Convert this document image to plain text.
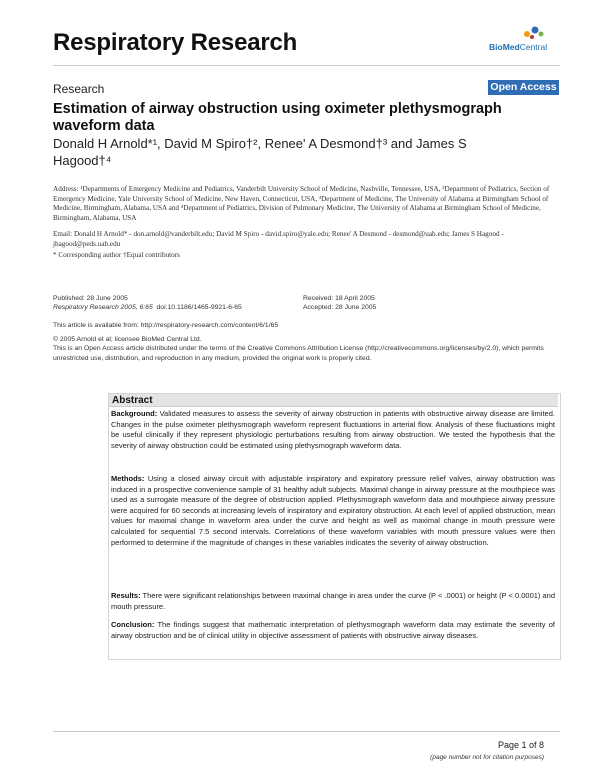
Respiratory Research	BioMedCentral
Research	Open Access
Estimation of airway obstruction using oximeter plethysmograph waveform data
Donald H Arnold*¹, David M Spiro†², Renee' A Desmond†³ and James S Hagood†⁴
Address: ¹Departments of Emergency Medicine and Pediatrics, Vanderbilt University School of Medicine, Nashville, Tennessee, USA, ²Department of Pediatrics, Section of Emergency Medicine, Yale University School of Medicine, New Haven, Connecticut, USA, ³Department of Medicine, The University of Alabama at Birmingham School of Medicine, Birmingham, Alabama, USA and ⁴Department of Pediatrics, Division of Pulmonary Medicine, The University of Alabama at Birmingham School of Medicine, Birmingham, Alabama, USA
Email: Donald H Arnold* - don.arnold@vanderbilt.edu; David M Spiro - david.spiro@yale.edu; Renee' A Desmond - desmond@uab.edu; James S Hagood - jhagood@peds.uab.edu
* Corresponding author †Equal contributors
Published: 28 June 2005
Respiratory Research 2005, 6:65 doi:10.1186/1465-9921-6-65
Received: 18 April 2005
Accepted: 28 June 2005
This article is available from: http://respiratory-research.com/content/6/1/65
© 2005 Arnold et al; licensee BioMed Central Ltd.
This is an Open Access article distributed under the terms of the Creative Commons Attribution License (http://creativecommons.org/licenses/by/2.0), which permits unrestricted use, distribution, and reproduction in any medium, provided the original work is properly cited.
Abstract
Background: Validated measures to assess the severity of airway obstruction in patients with obstructive airway disease are limited. Changes in the pulse oximeter plethysmograph waveform represent fluctuations in arterial flow. Analysis of these fluctuations might be useful clinically if they represent physiologic perturbations resulting from airway obstruction. We tested the hypothesis that the severity of airway obstruction could be estimated using plethysmograph waveform data.
Methods: Using a closed airway circuit with adjustable inspiratory and expiratory pressure relief valves, airway obstruction was induced in a prospective convenience sample of 31 healthy adult subjects. Maximal change in airway pressure at the mouthpiece was used as a surrogate measure of the degree of obstruction applied. Plethysmograph waveform data and mouthpiece airway pressure were acquired for 60 seconds at increasing levels of inspiratory and expiratory obstruction. At each level of applied obstruction, mean values for maximal change in waveform area under the curve and height as well as maximal change in mouth pressure were calculated for sequential 7.5 second intervals. Correlations of these waveform variables with mouth pressure values were then performed to determine if the magnitude of changes in these variables indicates the severity of airway obstruction.
Results: There were significant relationships between maximal change in area under the curve (P < .0001) or height (P < 0.0001) and mouth pressure.
Conclusion: The findings suggest that mathematic interpretation of plethysmograph waveform data may estimate the severity of airway obstruction and be of clinical utility in objective assessment of patients with obstructive airway diseases.
Page 1 of 8
(page number not for citation purposes)
